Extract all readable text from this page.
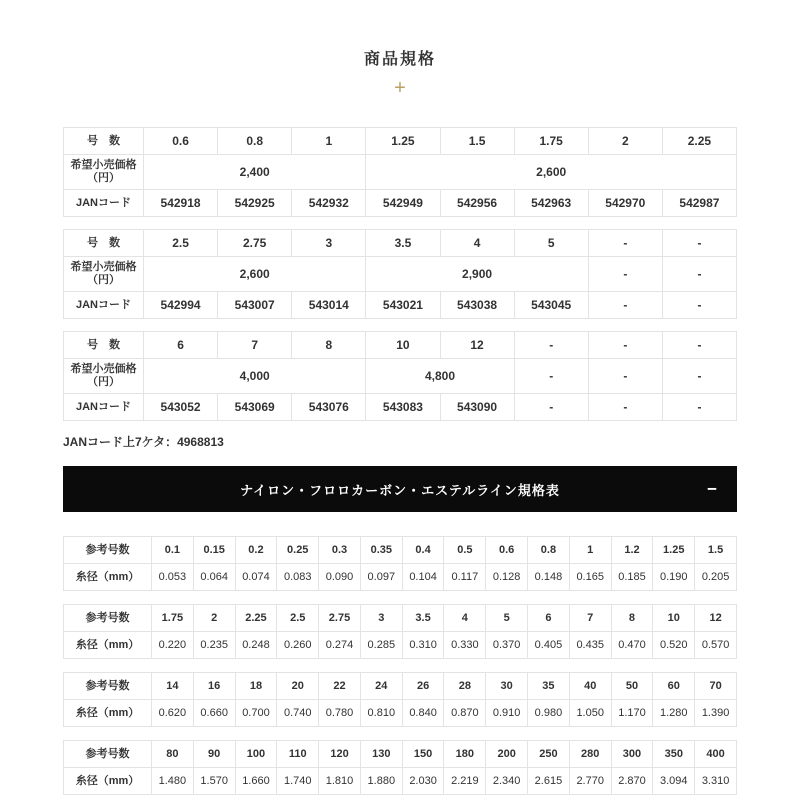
商品規格
+
号　数	0.6	0.8	1	1.25	1.5	1.75	2	2.25
希望小売価格（円）	2,400			2,600				
JANコード	542918	542925	542932	542949	542956	542963	542970	542987
号　数	2.5	2.75	3	3.5	4	5	-	-
希望小売価格（円）	2,600			2,900			-	-
JANコード	542994	543007	543014	543021	543038	543045	-	-
号　数	6	7	8	10	12	-	-	-
希望小売価格（円）	4,000			4,800		-	-	-
JANコード	543052	543069	543076	543083	543090	-	-	-

JANコード上7ケタ：4968813

ナイロン・フロロカーボン・エステルライン規格表	−
参考号数	0.1	0.15	0.2	0.25	0.3	0.35	0.4	0.5	0.6	0.8	1	1.2	1.25	1.5
糸径（mm）	0.053	0.064	0.074	0.083	0.090	0.097	0.104	0.117	0.128	0.148	0.165	0.185	0.190	0.205
参考号数	1.75	2	2.25	2.5	2.75	3	3.5	4	5	6	7	8	10	12
糸径（mm）	0.220	0.235	0.248	0.260	0.274	0.285	0.310	0.330	0.370	0.405	0.435	0.470	0.520	0.570
参考号数	14	16	18	20	22	24	26	28	30	35	40	50	60	70
糸径（mm）	0.620	0.660	0.700	0.740	0.780	0.810	0.840	0.870	0.910	0.980	1.050	1.170	1.280	1.390
参考号数	80	90	100	110	120	130	150	180	200	250	280	300	350	400
糸径（mm）	1.480	1.570	1.660	1.740	1.810	1.880	2.030	2.219	2.340	2.615	2.770	2.870	3.094	3.310
